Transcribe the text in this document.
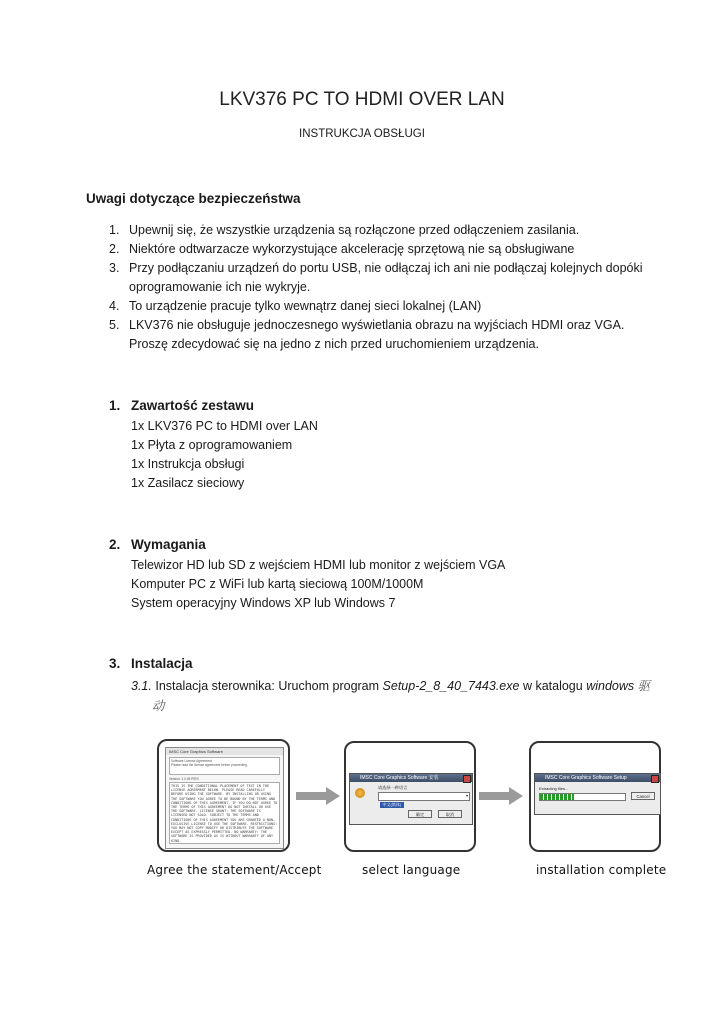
LKV376 PC TO HDMI OVER LAN
INSTRUKCJA OBSŁUGI
Uwagi dotyczące bezpieczeństwa
1. Upewnij się, że wszystkie urządzenia są rozłączone przed odłączeniem zasilania.
2. Niektóre odtwarzacze wykorzystujące akcelerację sprzętową nie są obsługiwane
3. Przy podłączaniu urządzeń do portu USB, nie odłączaj ich ani nie podłączaj kolejnych dopóki
oprogramowanie ich nie wykryje.
4. To urządzenie pracuje tylko wewnątrz danej sieci lokalnej (LAN)
5. LKV376 nie obsługuje jednoczesnego wyświetlania obrazu na wyjściach HDMI oraz VGA.
Proszę zdecydować się na jedno z nich przed uruchomieniem urządzenia.
1. Zawartość zestawu
1x LKV376 PC to HDMI over LAN
1x Płyta z oprogramowaniem
1x Instrukcja obsługi
1x Zasilacz sieciowy
2. Wymagania
Telewizor HD lub SD z wejściem HDMI lub monitor z wejściem VGA
Komputer PC z WiFi lub kartą sieciową 100M/1000M
System operacyjny Windows XP lub Windows 7
3. Instalacja
3.1. Instalacja sterownika: Uruchom program Setup-2_8_40_7443.exe w katalogu windows 驱
动
IMSC Core Graphics Software
Software License Agreement
Please read the license agreement before proceeding.
Version: 1.0.45 PIRS
THIS IS THE CONDITIONAL PLACEMENT OF TEXT IN THE LICENSE AGREEMENT BELOW. PLEASE READ CAREFULLY BEFORE USING THE SOFTWARE. BY INSTALLING OR USING THE SOFTWARE YOU AGREE TO BE BOUND BY THE TERMS AND CONDITIONS OF THIS AGREEMENT. IF YOU DO NOT AGREE TO THE TERMS OF THIS AGREEMENT DO NOT INSTALL OR USE THE SOFTWARE. LICENSE GRANT: THE SOFTWARE IS LICENSED NOT SOLD. SUBJECT TO THE TERMS AND CONDITIONS OF THIS AGREEMENT YOU ARE GRANTED A NON-EXCLUSIVE LICENSE TO USE THE SOFTWARE. RESTRICTIONS: YOU MAY NOT COPY MODIFY OR DISTRIBUTE THE SOFTWARE EXCEPT AS EXPRESSLY PERMITTED. NO WARRANTY: THE SOFTWARE IS PROVIDED AS IS WITHOUT WARRANTY OF ANY KIND.
IMSC Core Graphics Software 安装
请选择一种语言
中文(简体)
▾
确定	取消
IMSC Core Graphics Software Setup
Extracting files...
Cancel
Agree the statement/Accept	select language	installation complete
